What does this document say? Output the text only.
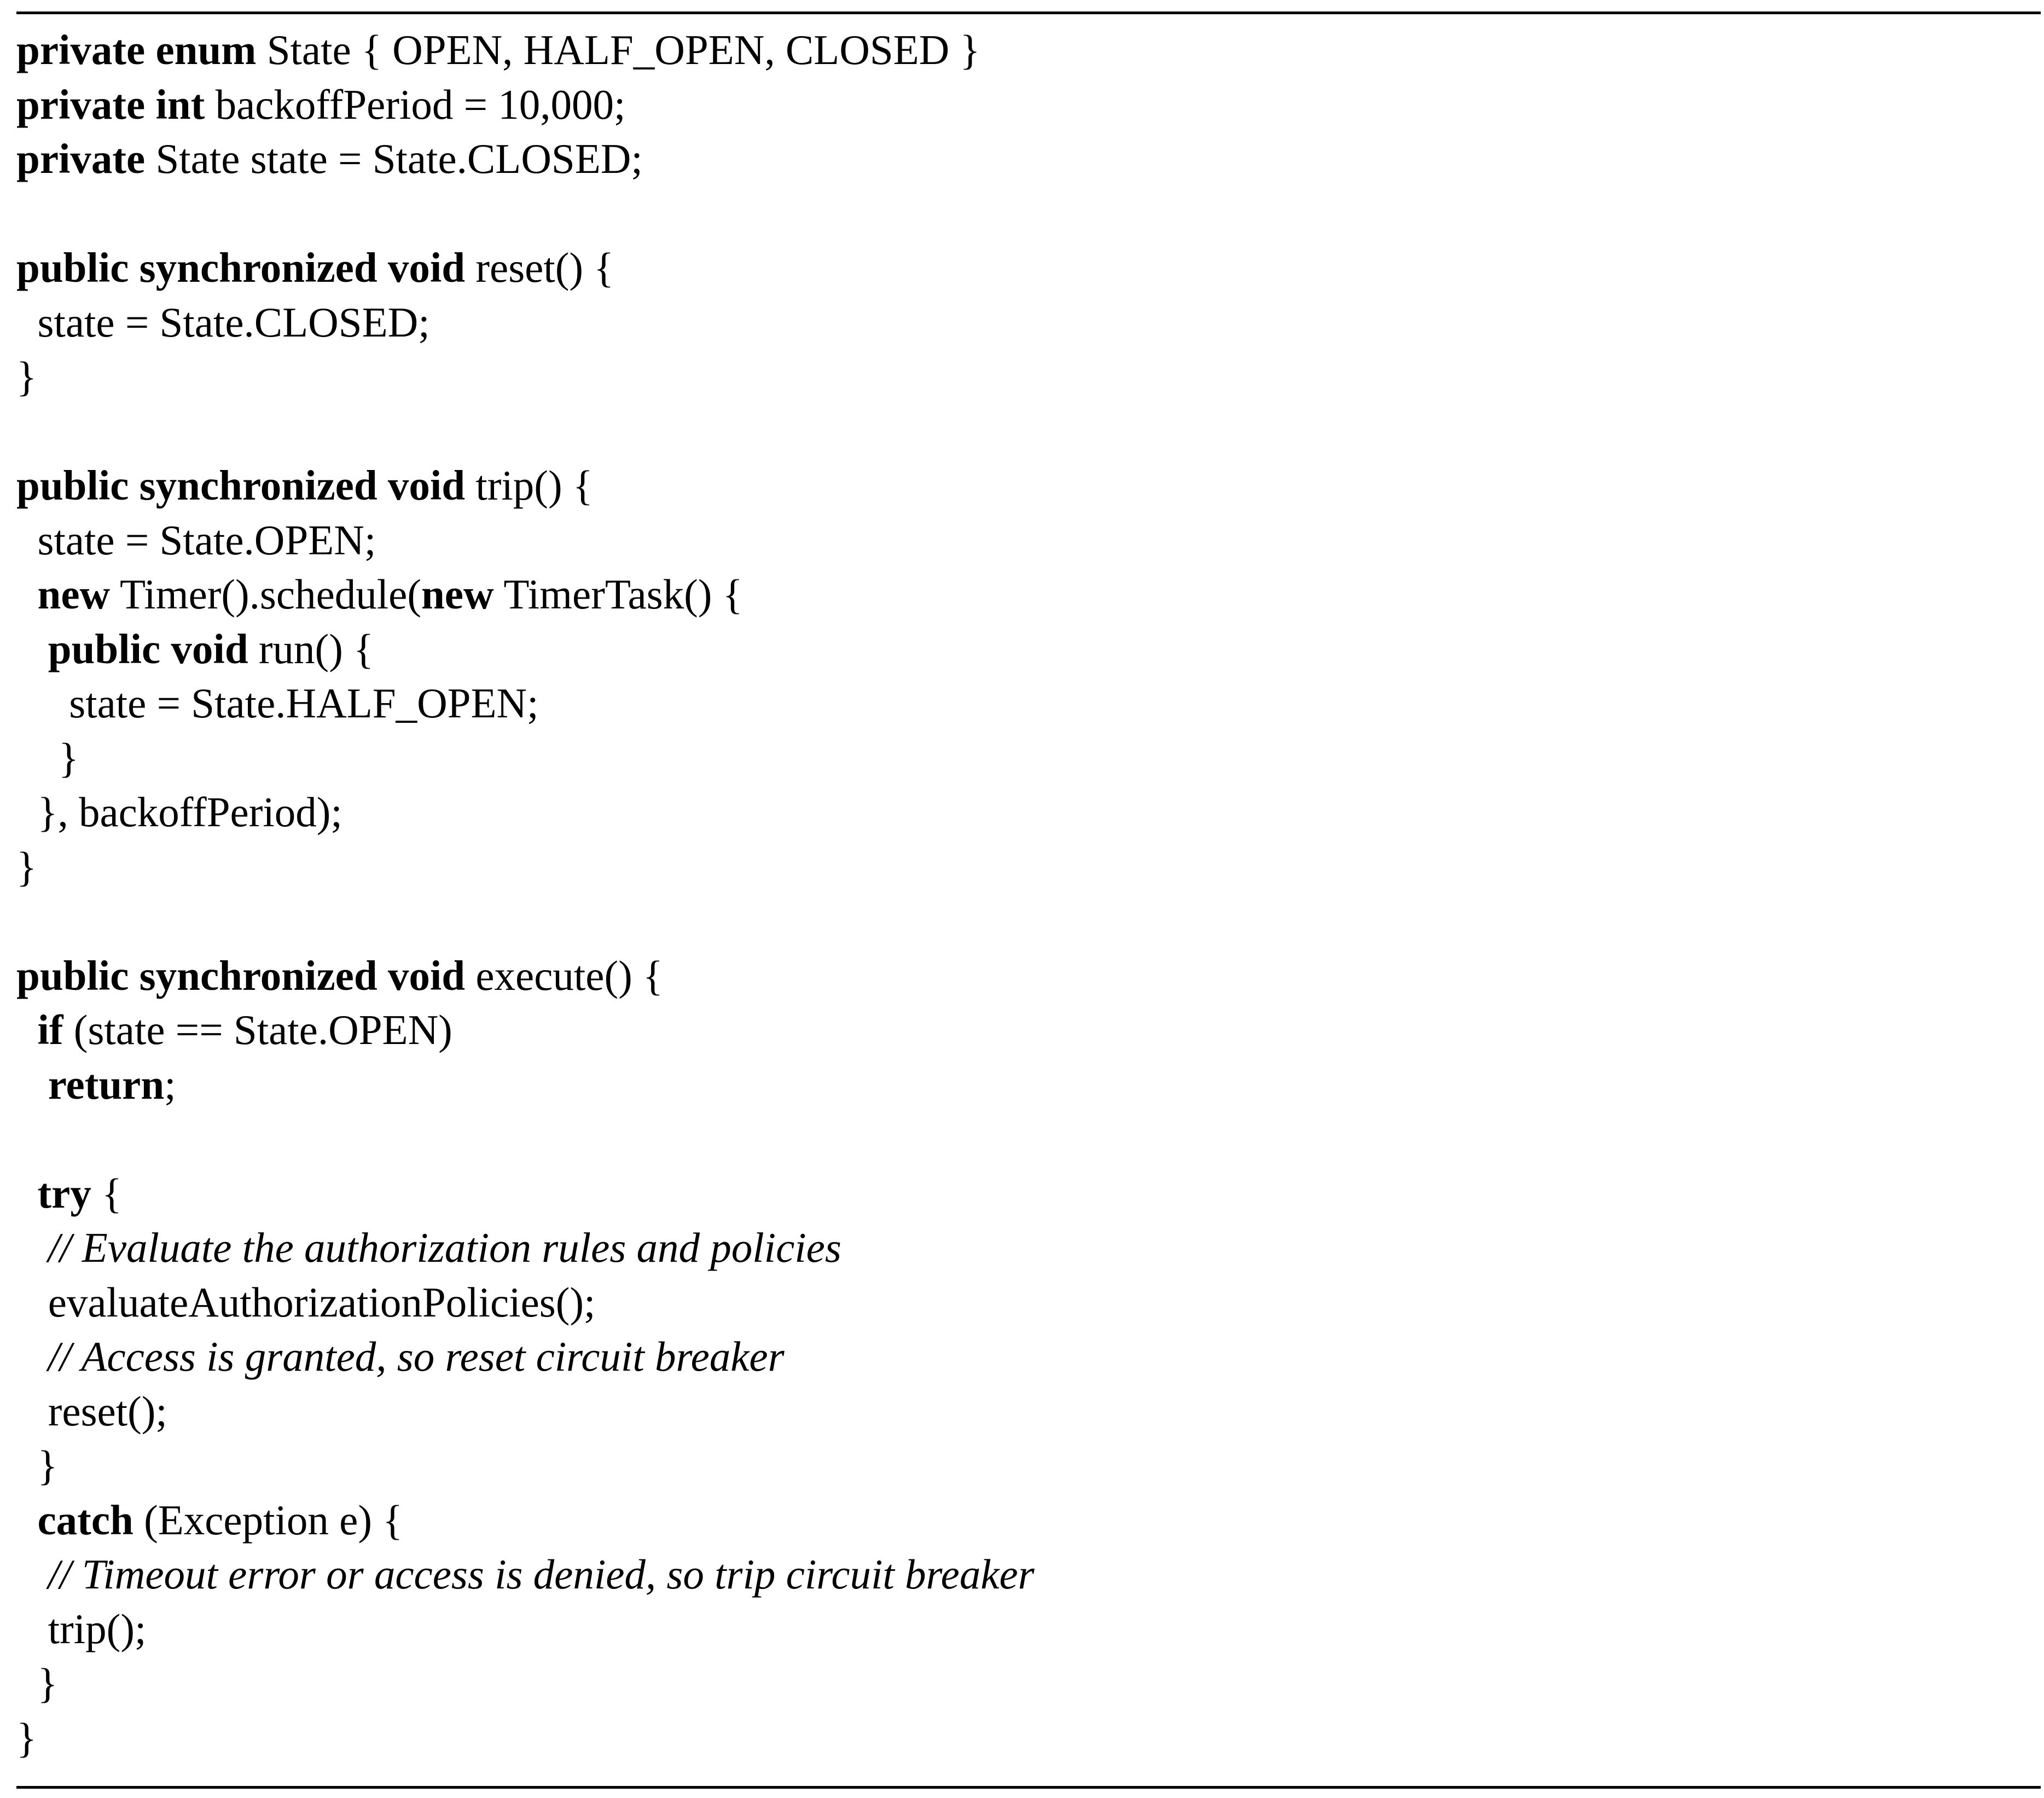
private enum State { OPEN, HALF_OPEN, CLOSED }
private int backoffPeriod = 10,000;
private State state = State.CLOSED;
public synchronized void reset() {
state = State.CLOSED;
}
public synchronized void trip() {
state = State.OPEN;
new Timer().schedule(new TimerTask() {
public void run() {
state = State.HALF_OPEN;
}
}, backoffPeriod);
}
public synchronized void execute() {
if (state == State.OPEN)
return;
try {
// Evaluate the authorization rules and policies
evaluateAuthorizationPolicies();
// Access is granted, so reset circuit breaker
reset();
}
catch (Exception e) {
// Timeout error or access is denied, so trip circuit breaker
trip();
}
}
